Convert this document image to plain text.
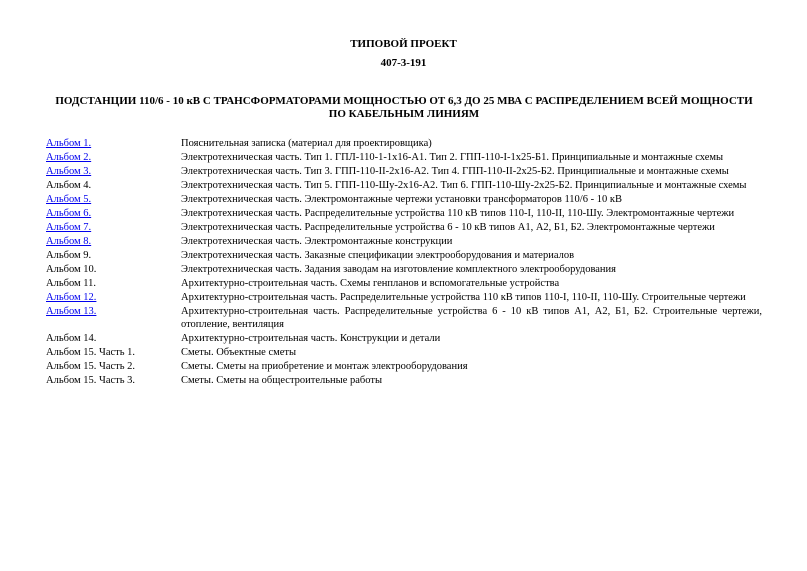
ТИПОВОЙ ПРОЕКТ
407-3-191
ПОДСТАНЦИИ 110/6 - 10 кВ С ТРАНСФОРМАТОРАМИ МОЩНОСТЬЮ ОТ 6,3 ДО 25 МВА С РАСПРЕДЕЛЕНИЕМ ВСЕЙ МОЩНОСТИ ПО КАБЕЛЬНЫМ ЛИНИЯМ
Альбом 1.	Пояснительная записка (материал для проектировщика)
Альбом 2.	Электротехническая часть. Тип 1. ГПЛ-110-1-1х16-А1. Тип 2. ГПП-110-I-1х25-Б1. Принципиальные и монтажные схемы
Альбом 3.	Электротехническая часть. Тип 3. ГПП-110-II-2х16-А2. Тип 4. ГПП-110-II-2х25-Б2. Принципиальные и монтажные схемы
Альбом 4.	Электротехническая часть. Тип 5. ГПП-110-Шу-2х16-А2. Тип 6. ГПП-110-Шу-2х25-Б2. Принципиальные и монтажные схемы
Альбом 5.	Электротехническая часть. Электромонтажные чертежи установки трансформаторов 110/6 - 10 кВ
Альбом 6.	Электротехническая часть. Распределительные устройства 110 кВ типов 110-I, 110-II, 110-Шу. Электромонтажные чертежи
Альбом 7.	Электротехническая часть. Распределительные устройства 6 - 10 кВ типов А1, А2, Б1, Б2. Электромонтажные чертежи
Альбом 8.	Электротехническая часть. Электромонтажные конструкции
Альбом 9.	Электротехническая часть. Заказные спецификации электрооборудования и материалов
Альбом 10.	Электротехническая часть. Задания заводам на изготовление комплектного электрооборудования
Альбом 11.	Архитектурно-строительная часть. Схемы генпланов и вспомогательные устройства
Альбом 12.	Архитектурно-строительная часть. Распределительные устройства 110 кВ типов 110-I, 110-II, 110-Шу. Строительные чертежи
Альбом 13.	Архитектурно-строительная часть. Распределительные устройства 6 - 10 кВ типов А1, А2, Б1, Б2. Строительные чертежи, отопление, вентиляция
Альбом 14.	Архитектурно-строительная часть. Конструкции и детали
Альбом 15. Часть 1.	Сметы. Объектные сметы
Альбом 15. Часть 2.	Сметы. Сметы на приобретение и монтаж электрооборудования
Альбом 15. Часть 3.	Сметы. Сметы на общестроительные работы
